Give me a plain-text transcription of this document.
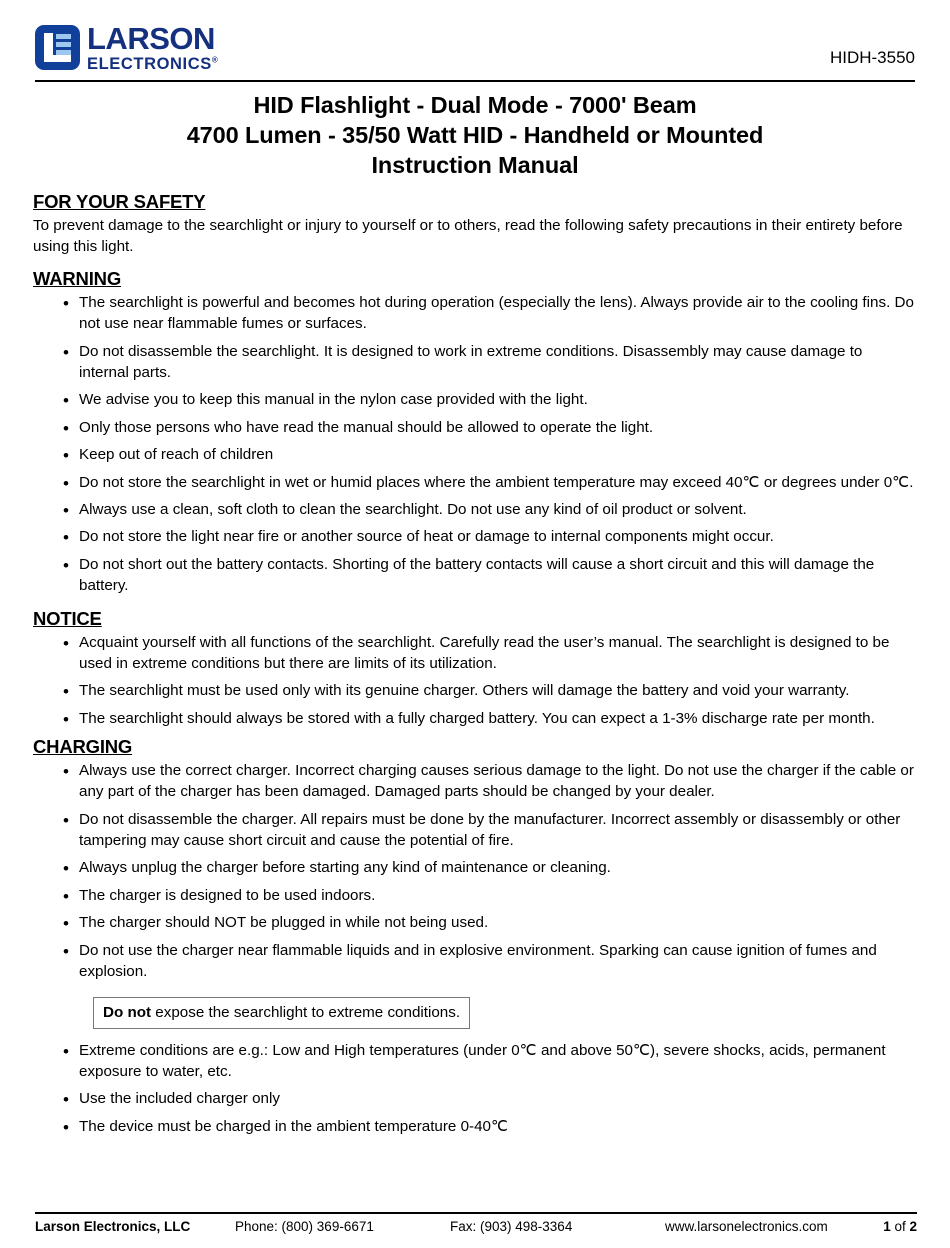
LARSON
ELECTRONICS®	HIDH-3550
HID Flashlight - Dual Mode - 7000' Beam
4700 Lumen - 35/50 Watt HID - Handheld or Mounted
Instruction Manual
FOR YOUR SAFETY

To prevent damage to the searchlight or injury to yourself or to others, read the following safety precautions in their entirety before using this light.

WARNING
• The searchlight is powerful and becomes hot during operation (especially the lens). Always provide air to the cooling fins. Do not use near flammable fumes or surfaces.
• Do not disassemble the searchlight. It is designed to work in extreme conditions. Disassembly may cause damage to internal parts.
• We advise you to keep this manual in the nylon case provided with the light.
• Only those persons who have read the manual should be allowed to operate the light.
• Keep out of reach of children
• Do not store the searchlight in wet or humid places where the ambient temperature may exceed 40℃ or degrees under 0℃.
• Always use a clean, soft cloth to clean the searchlight. Do not use any kind of oil product or solvent.
• Do not store the light near fire or another source of heat or damage to internal components might occur.
• Do not short out the battery contacts. Shorting of the battery contacts will cause a short circuit and this will damage the battery.
NOTICE
• Acquaint yourself with all functions of the searchlight. Carefully read the user’s manual. The searchlight is designed to be used in extreme conditions but there are limits of its utilization.
• The searchlight must be used only with its genuine charger. Others will damage the battery and void your warranty.
• The searchlight should always be stored with a fully charged battery. You can expect a 1-3% discharge rate per month.
CHARGING
• Always use the correct charger. Incorrect charging causes serious damage to the light. Do not use the charger if the cable or any part of the charger has been damaged. Damaged parts should be changed by your dealer.
• Do not disassemble the charger. All repairs must be done by the manufacturer. Incorrect assembly or disassembly or other tampering may cause short circuit and cause the potential of fire.
• Always unplug the charger before starting any kind of maintenance or cleaning.
• The charger is designed to be used indoors.
• The charger should NOT be plugged in while not being used.
• Do not use the charger near flammable liquids and in explosive environment. Sparking can cause ignition of fumes and explosion.
Do not expose the searchlight to extreme conditions.
• Extreme conditions are e.g.: Low and High temperatures (under 0℃ and above 50℃), severe shocks, acids, permanent exposure to water, etc.
• Use the included charger only
• The device must be charged in the ambient temperature 0-40℃
Larson Electronics, LLC	Phone: (800) 369-6671	Fax: (903) 498-3364	www.larsonelectronics.com	1 of 2
